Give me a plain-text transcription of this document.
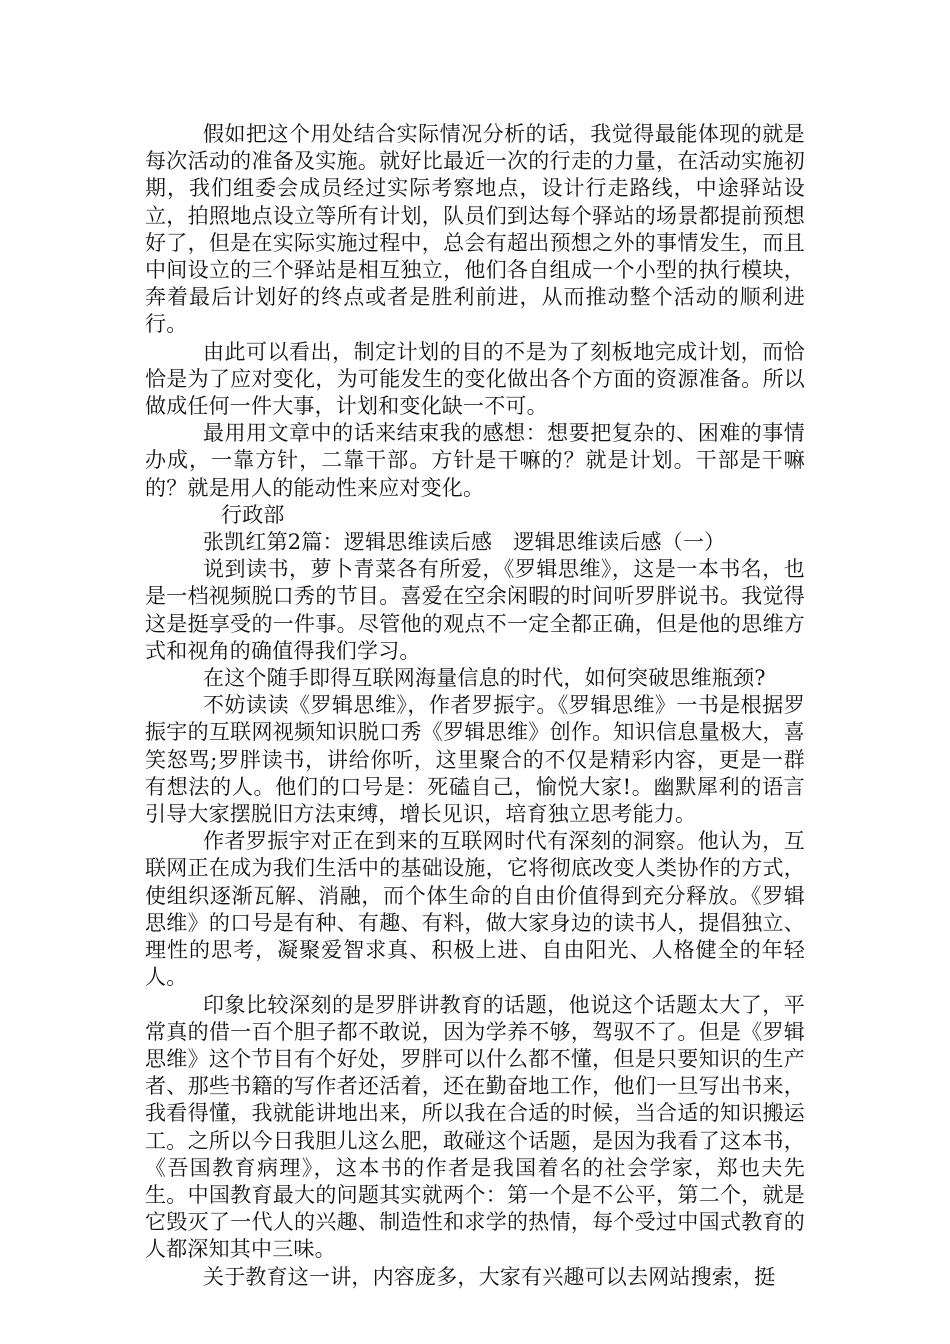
假如把这个用处结合实际情况分析的话，我觉得最能体现的就是每次活动的准备及实施。就好比最近一次的行走的力量，在活动实施初期，我们组委会成员经过实际考察地点，设计行走路线，中途驿站设立，拍照地点设立等所有计划，队员们到达每个驿站的场景都提前预想好了，但是在实际实施过程中，总会有超出预想之外的事情发生，而且中间设立的三个驿站是相互独立，他们各自组成一个小型的执行模块，奔着最后计划好的终点或者是胜利前进，从而推动整个活动的顺利进行。

由此可以看出，制定计划的目的不是为了刻板地完成计划，而恰恰是为了应对变化，为可能发生的变化做出各个方面的资源准备。所以做成任何一件大事，计划和变化缺一不可。

最用用文章中的话来结束我的感想：想要把复杂的、困难的事情办成，一靠方针，二靠干部。方针是干嘛的？就是计划。干部是干嘛的？就是用人的能动性来应对变化。

行政部

张凯红第2篇：逻辑思维读后感　逻辑思维读后感（一）

说到读书，萝卜青菜各有所爱，《罗辑思维》，这是一本书名，也是一档视频脱口秀的节目。喜爱在空余闲暇的时间听罗胖说书。我觉得这是挺享受的一件事。尽管他的观点不一定全都正确，但是他的思维方式和视角的确值得我们学习。

在这个随手即得互联网海量信息的时代，如何突破思维瓶颈?

不妨读读《罗辑思维》，作者罗振宇。《罗辑思维》一书是根据罗振宇的互联网视频知识脱口秀《罗辑思维》创作。知识信息量极大，喜笑怒骂;罗胖读书，讲给你听，这里聚合的不仅是精彩内容，更是一群有想法的人。他们的口号是：死磕自己，愉悦大家!。幽默犀利的语言引导大家摆脱旧方法束缚，增长见识，培育独立思考能力。

作者罗振宇对正在到来的互联网时代有深刻的洞察。他认为，互联网正在成为我们生活中的基础设施，它将彻底改变人类协作的方式，使组织逐渐瓦解、消融，而个体生命的自由价值得到充分释放。《罗辑思维》的口号是有种、有趣、有料，做大家身边的读书人，提倡独立、理性的思考，凝聚爱智求真、积极上进、自由阳光、人格健全的年轻人。

印象比较深刻的是罗胖讲教育的话题，他说这个话题太大了，平常真的借一百个胆子都不敢说，因为学养不够，驾驭不了。但是《罗辑思维》这个节目有个好处，罗胖可以什么都不懂，但是只要知识的生产者、那些书籍的写作者还活着，还在勤奋地工作，他们一旦写出书来，我看得懂，我就能讲地出来，所以我在合适的时候，当合适的知识搬运工。之所以今日我胆儿这么肥，敢碰这个话题，是因为我看了这本书，《吾国教育病理》，这本书的作者是我国着名的社会学家，郑也夫先生。中国教育最大的问题其实就两个：第一个是不公平，第二个，就是它毁灭了一代人的兴趣、制造性和求学的热情，每个受过中国式教育的人都深知其中三味。

关于教育这一讲，内容庞多，大家有兴趣可以去网站搜索，挺
